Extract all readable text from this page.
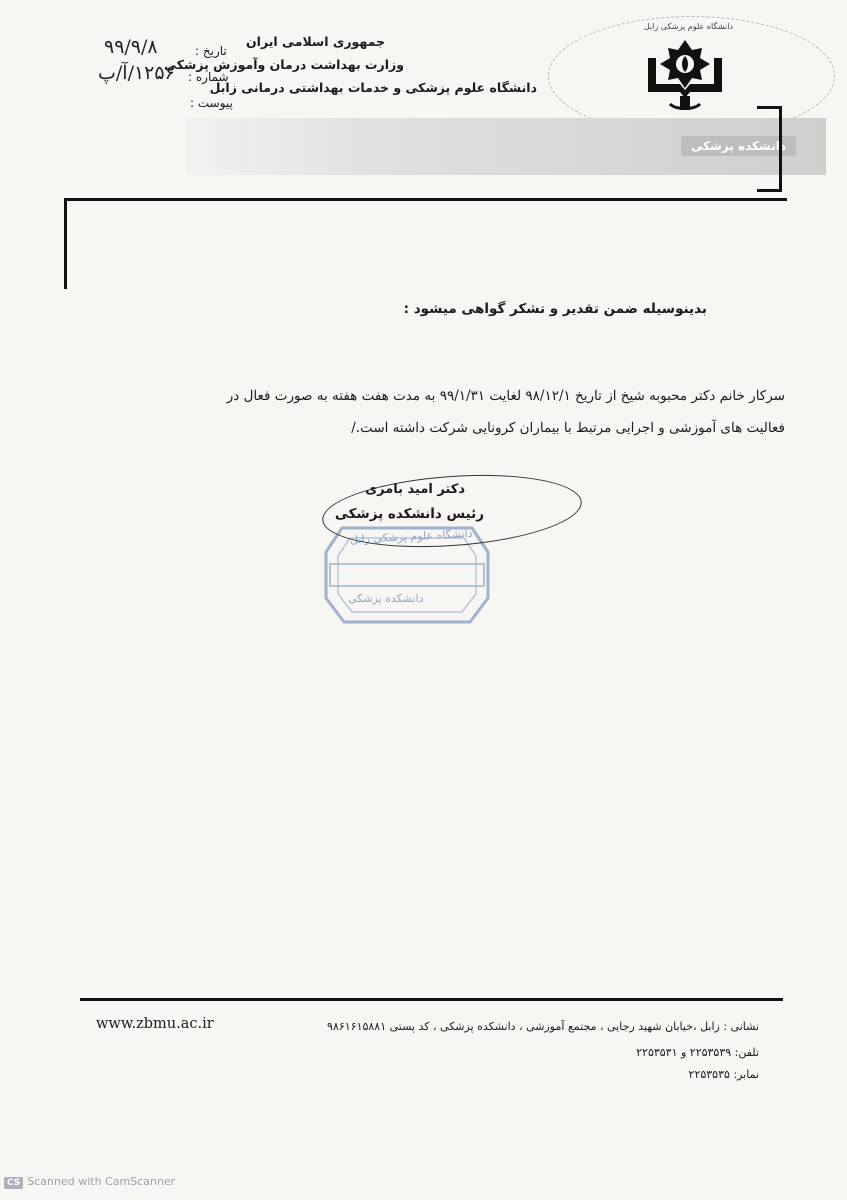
جمهوری اسلامی ایران
وزارت بهداشت درمان وآموزش پزشکی
دانشگاه علوم پزشکی و خدمات بهداشتی درمانی زابل
تاریخ :
شماره :
پیوست :
۹۹/۹/۸
۱۲۵۶/آ/پ
دانشگاه علوم پزشکی زابل
دانشکده پزشکی
بدینوسیله ضمن تقدیر و تشکر گواهی میشود :
سرکار خانم دکتر محبوبه شیخ از تاریخ ۹۸/۱۲/۱ لغایت ۹۹/۱/۳۱ به مدت هفت هفته به صورت فعال در
فعالیت های آموزشی و اجرایی مرتبط با بیماران کرونایی شرکت داشته است./
دانشگاه علوم پزشکی زابل
دانشکده پزشکی
دکتر امید بامری
رئیس دانشکده پزشکی
www.zbmu.ac.ir	نشانی : زابل ،خیابان شهید رجایی ، مجتمع آموزشی ، دانشکده پزشکی ، کد پستی ۹۸۶۱۶۱۵۸۸۱
تلفن: ۲۲۵۳۵۳۹ و ۲۲۵۳۵۳۱
نمابر: ۲۲۵۳۵۳۵
CS Scanned with CamScanner
